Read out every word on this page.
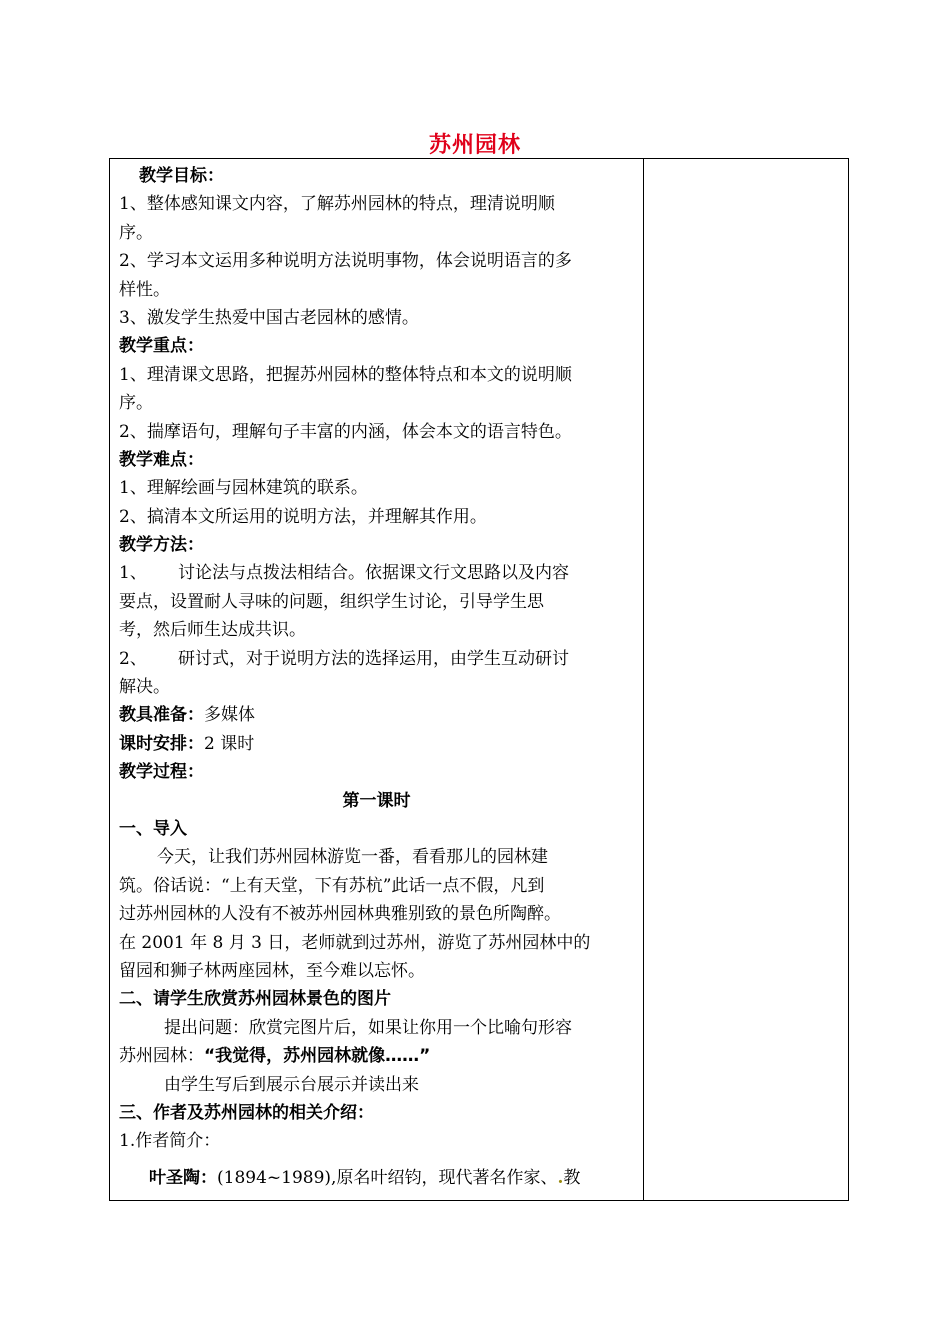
苏州园林
教学目标：
1、整体感知课文内容，了解苏州园林的特点，理清说明顺
序。
2、学习本文运用多种说明方法说明事物，体会说明语言的多
样性。
3、激发学生热爱中国古老园林的感情。
教学重点：
1、理清课文思路，把握苏州园林的整体特点和本文的说明顺
序。
2、揣摩语句，理解句子丰富的内涵，体会本文的语言特色。
教学难点：
1、理解绘画与园林建筑的联系。
2、搞清本文所运用的说明方法，并理解其作用。
教学方法：
1、 讨论法与点拨法相结合。依据课文行文思路以及内容
要点，设置耐人寻味的问题，组织学生讨论，引导学生思
考，然后师生达成共识。
2、 研讨式，对于说明方法的选择运用，由学生互动研讨
解决。
教具准备：多媒体
课时安排：2 课时
教学过程：
第一课时
一、导入
今天，让我们苏州园林游览一番，看看那儿的园林建
筑。俗话说：“上有天堂，下有苏杭”此话一点不假，凡到
过苏州园林的人没有不被苏州园林典雅别致的景色所陶醉。
在 2001 年 8 月 3 日，老师就到过苏州，游览了苏州园林中的
留园和狮子林两座园林，至今难以忘怀。
二、请学生欣赏苏州园林景色的图片
提出问题：欣赏完图片后，如果让你用一个比喻句形容
苏州园林：“我觉得，苏州园林就像……”
由学生写后到展示台展示并读出来
三、作者及苏州园林的相关介绍：
1.作者简介：
叶圣陶：(1894~1989),原名叶绍钧，现代著名作家、.教
